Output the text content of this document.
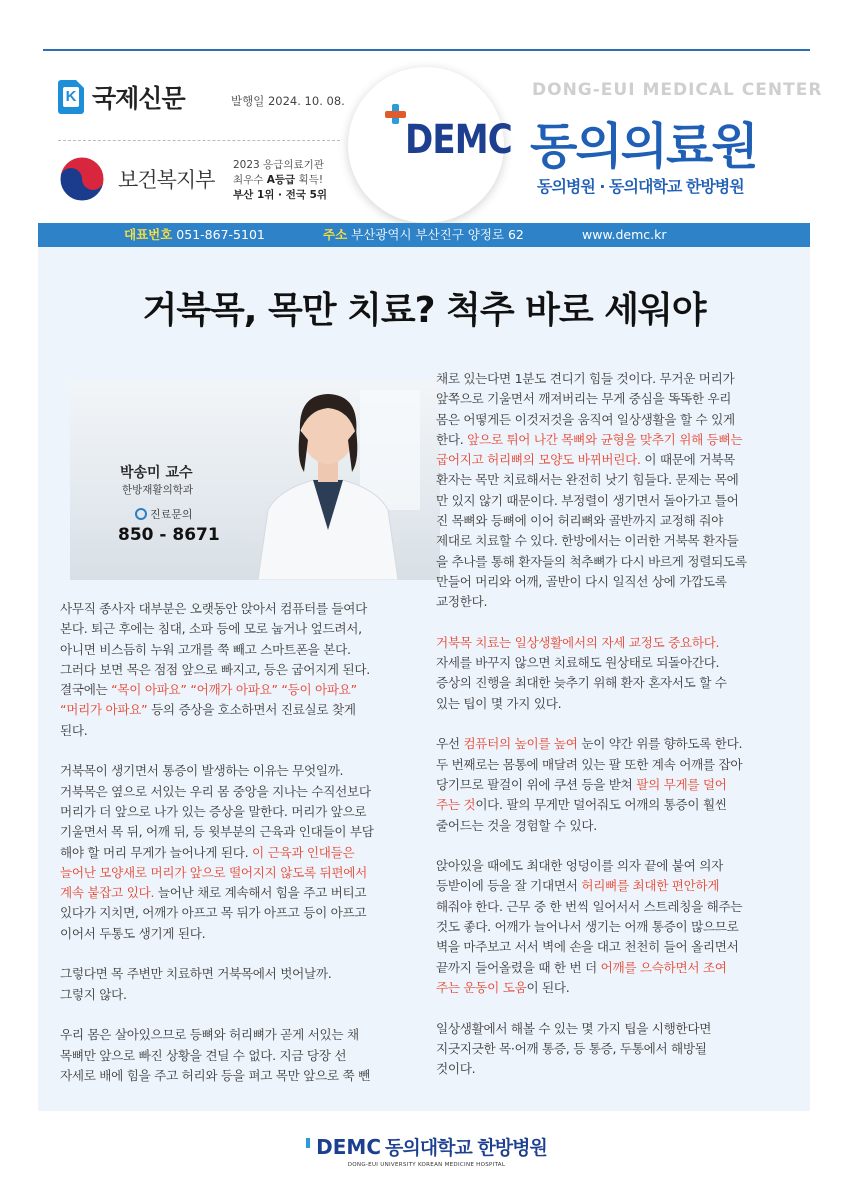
K 국제신문	발행일 2024. 10. 08.
보건복지부
2023 응급의료기관
최우수 A등급 획득!
부산 1위 · 전국 5위
DEMC
DONG-EUI MEDICAL CENTER
동의의료원
동의병원 · 동의대학교 한방병원
대표번호 051-867-5101	주소 부산광역시 부산진구 양정로 62	www.demc.kr
거북목, 목만 치료? 척추 바로 세워야
박송미 교수
한방재활의학과
진료문의
850 - 8671

사무직 종사자 대부분은 오랫동안 앉아서 컴퓨터를 들여다

본다. 퇴근 후에는 침대, 소파 등에 모로 눕거나 엎드려서,

아니면 비스듬히 누워 고개를 쭉 빼고 스마트폰을 본다.

그러다 보면 목은 점점 앞으로 빠지고, 등은 굽어지게 된다.

결국에는 “목이 아파요” “어깨가 아파요” “등이 아파요”

“머리가 아파요” 등의 증상을 호소하면서 진료실로 찾게

된다.

거북목이 생기면서 통증이 발생하는 이유는 무엇일까.

거북목은 옆으로 서있는 우리 몸 중앙을 지나는 수직선보다

머리가 더 앞으로 나가 있는 증상을 말한다. 머리가 앞으로

기울면서 목 뒤, 어깨 뒤, 등 윗부분의 근육과 인대들이 부담

해야 할 머리 무게가 늘어나게 된다. 이 근육과 인대들은

늘어난 모양새로 머리가 앞으로 떨어지지 않도록 뒤편에서

계속 붙잡고 있다. 늘어난 채로 계속해서 힘을 주고 버티고

있다가 지치면, 어깨가 아프고 목 뒤가 아프고 등이 아프고

이어서 두통도 생기게 된다.

그렇다면 목 주변만 치료하면 거북목에서 벗어날까.

그렇지 않다.

우리 몸은 살아있으므로 등뼈와 허리뼈가 곧게 서있는 채

목뼈만 앞으로 빠진 상황을 견딜 수 없다. 지금 당장 선

자세로 배에 힘을 주고 허리와 등을 펴고 목만 앞으로 쭉 뺀

채로 있는다면 1분도 견디기 힘들 것이다. 무거운 머리가

앞쪽으로 기울면서 깨져버리는 무게 중심을 똑똑한 우리

몸은 어떻게든 이것저것을 움직여 일상생활을 할 수 있게

한다. 앞으로 튀어 나간 목뼈와 균형을 맞추기 위해 등뼈는

굽어지고 허리뼈의 모양도 바뀌버린다. 이 때문에 거북목

환자는 목만 치료해서는 완전히 낫기 힘들다. 문제는 목에

만 있지 않기 때문이다. 부정렬이 생기면서 돌아가고 틀어

진 목뼈와 등뼈에 이어 허리뼈와 골반까지 교정해 줘야

제대로 치료할 수 있다. 한방에서는 이러한 거북목 환자들

을 추나를 통해 환자들의 척추뼈가 다시 바르게 정렬되도록

만들어 머리와 어깨, 골반이 다시 일직선 상에 가깝도록

교정한다.

거북목 치료는 일상생활에서의 자세 교정도 중요하다.

자세를 바꾸지 않으면 치료해도 원상태로 되돌아간다.

증상의 진행을 최대한 늦추기 위해 환자 혼자서도 할 수

있는 팁이 몇 가지 있다.

우선 컴퓨터의 높이를 높여 눈이 약간 위를 향하도록 한다.

두 번째로는 몸통에 매달려 있는 팔 또한 계속 어깨를 잡아

당기므로 팔걸이 위에 쿠션 등을 받쳐 팔의 무게를 덜어

주는 것이다. 팔의 무게만 덜어줘도 어깨의 통증이 훨씬

줄어드는 것을 경험할 수 있다.

앉아있을 때에도 최대한 엉덩이를 의자 끝에 붙여 의자

등받이에 등을 잘 기대면서 허리뼈를 최대한 편안하게

해줘야 한다. 근무 중 한 번씩 일어서서 스트레칭을 해주는

것도 좋다. 어깨가 늘어나서 생기는 어깨 통증이 많으므로

벽을 마주보고 서서 벽에 손을 대고 천천히 들어 올리면서

끝까지 들어올렸을 때 한 번 더 어깨를 으슥하면서 조여

주는 운동이 도움이 된다.

일상생활에서 해볼 수 있는 몇 가지 팁을 시행한다면

지긋지긋한 목·어깨 통증, 등 통증, 두통에서 해방될

것이다.

DEMC 동의대학교 한방병원
DONG-EUI UNIVERSITY KOREAN MEDICINE HOSPITAL
